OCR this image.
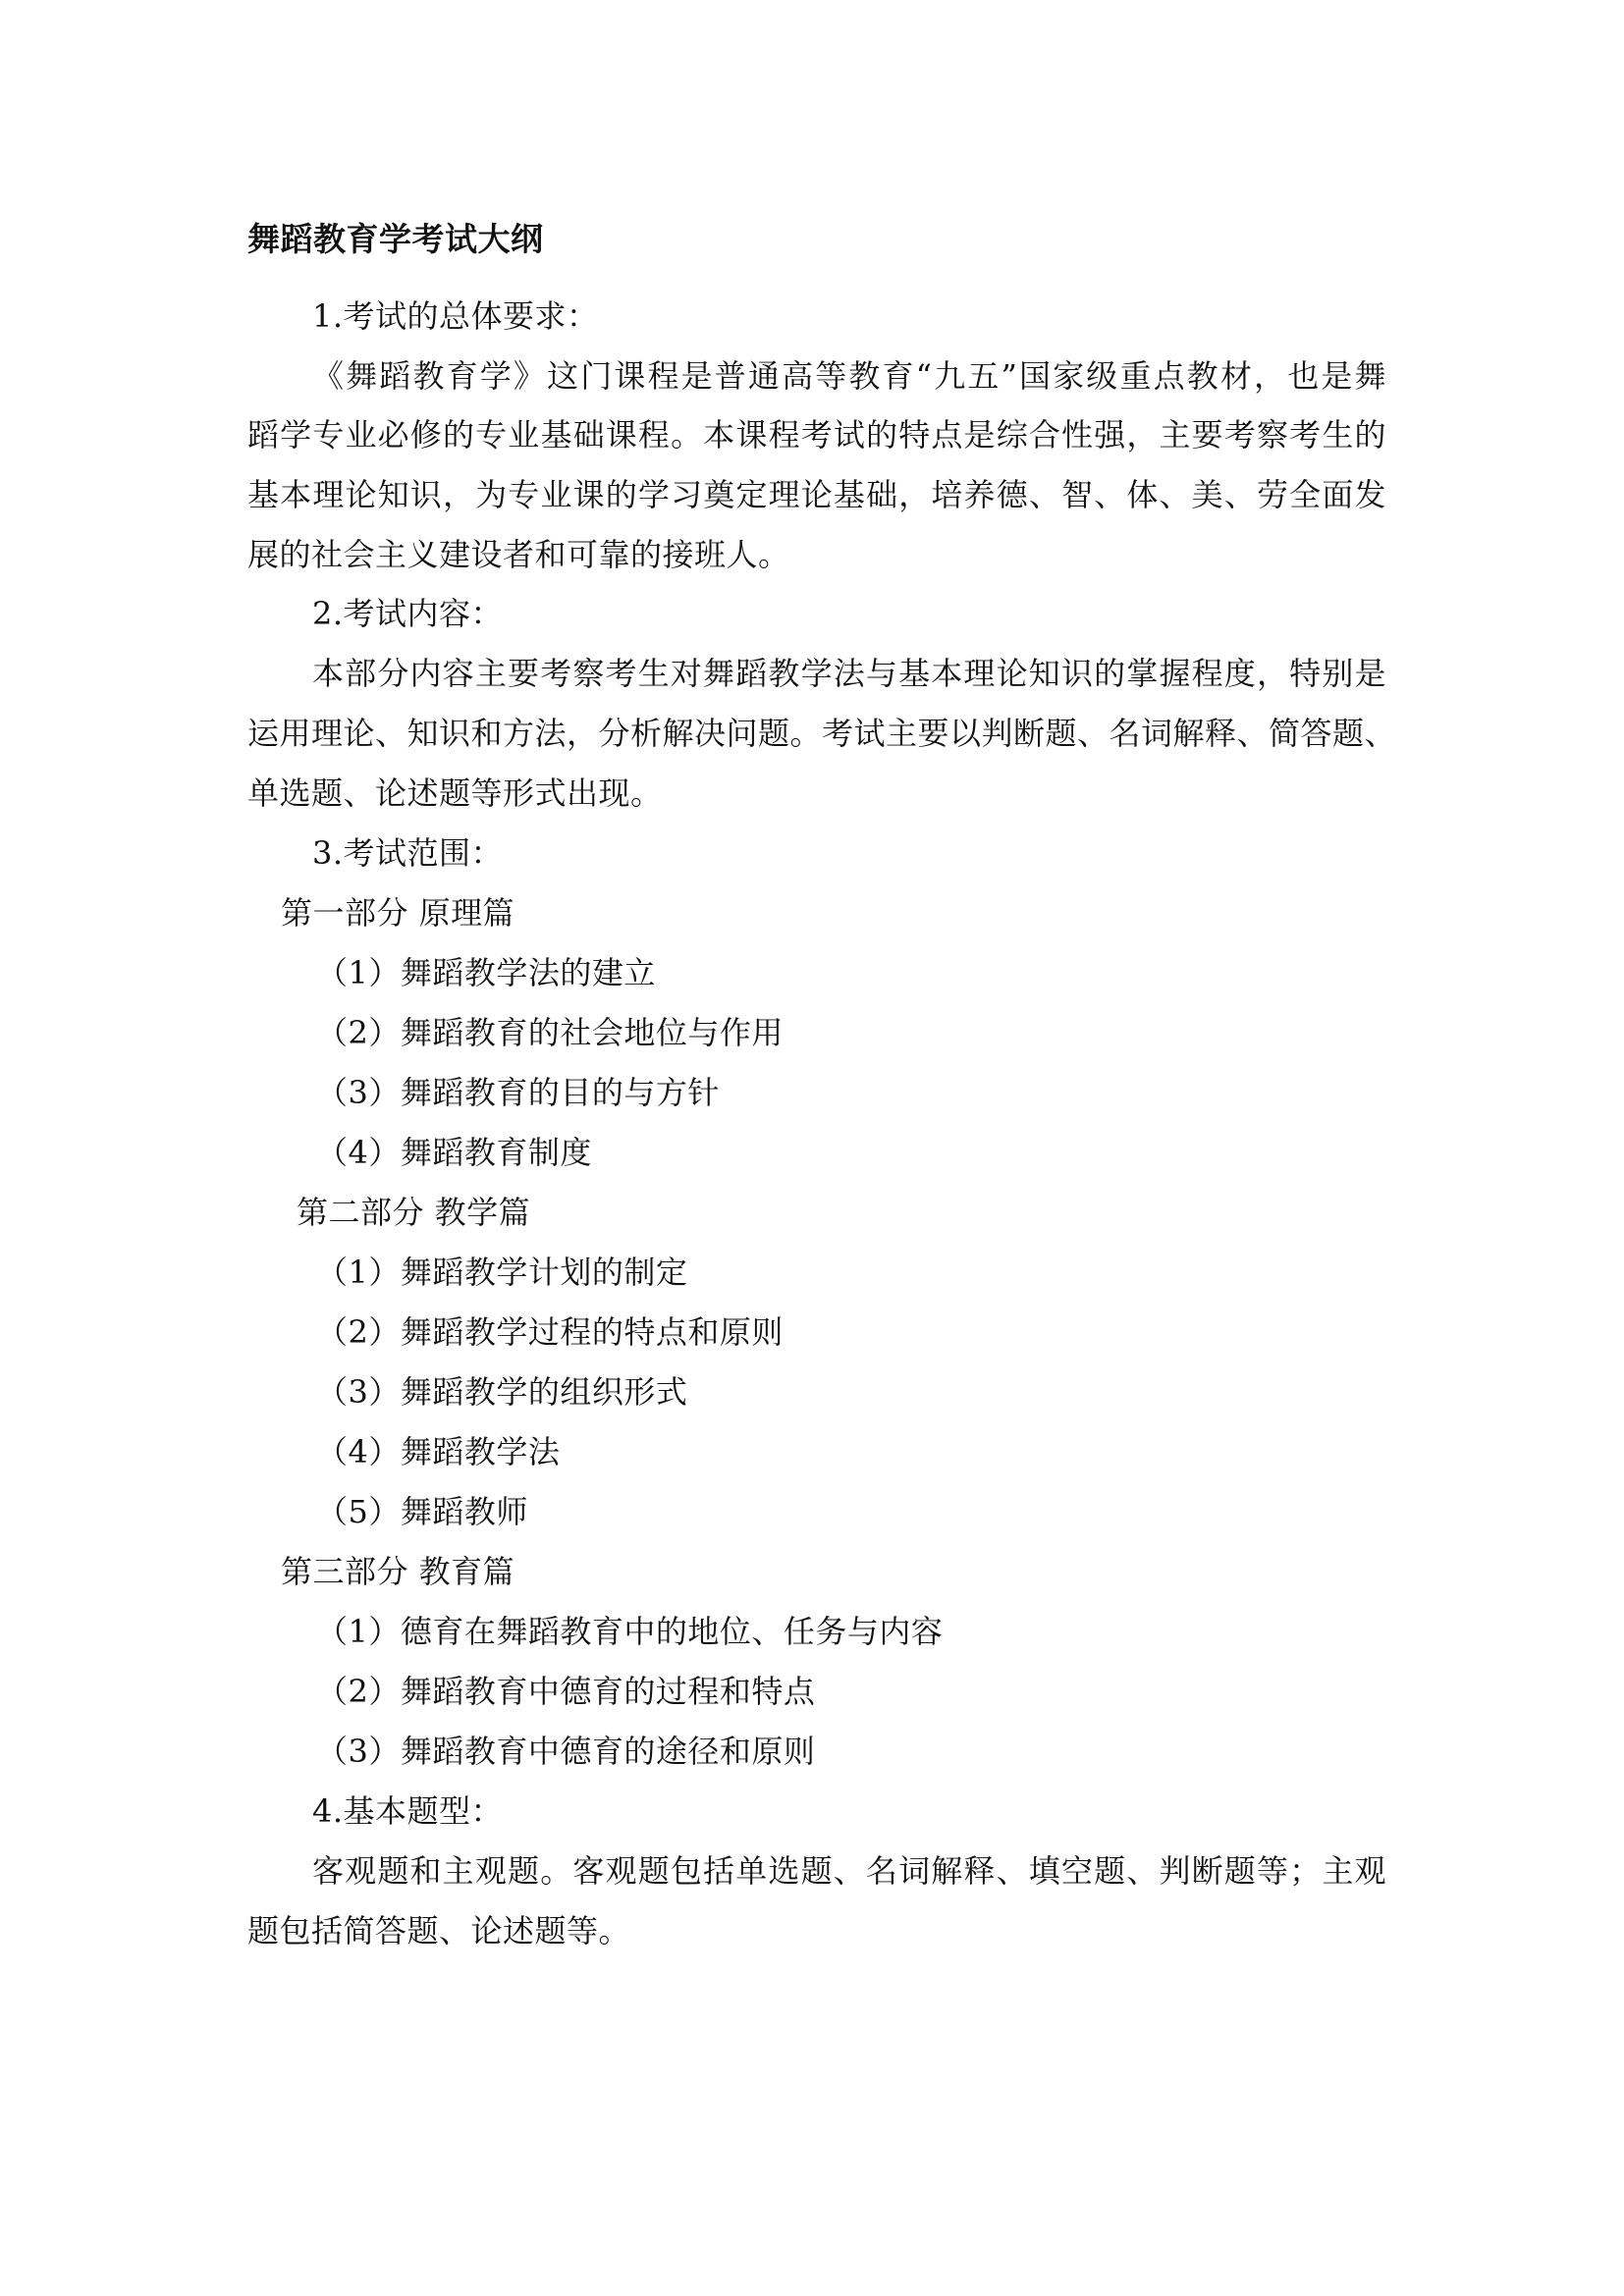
舞蹈教育学考试大纲
1.考试的总体要求：
《舞蹈教育学》这门课程是普通高等教育“九五”国家级重点教材，也是舞
蹈学专业必修的专业基础课程。本课程考试的特点是综合性强，主要考察考生的
基本理论知识，为专业课的学习奠定理论基础，培养德、智、体、美、劳全面发
展的社会主义建设者和可靠的接班人。
2.考试内容：
本部分内容主要考察考生对舞蹈教学法与基本理论知识的掌握程度，特别是
运用理论、知识和方法，分析解决问题。考试主要以判断题、名词解释、简答题、
单选题、论述题等形式出现。
3.考试范围：
第一部分 原理篇
（1）舞蹈教学法的建立
（2）舞蹈教育的社会地位与作用
（3）舞蹈教育的目的与方针
（4）舞蹈教育制度
第二部分 教学篇
（1）舞蹈教学计划的制定
（2）舞蹈教学过程的特点和原则
（3）舞蹈教学的组织形式
（4）舞蹈教学法
（5）舞蹈教师
第三部分 教育篇
（1）德育在舞蹈教育中的地位、任务与内容
（2）舞蹈教育中德育的过程和特点
（3）舞蹈教育中德育的途径和原则
4.基本题型：
客观题和主观题。客观题包括单选题、名词解释、填空题、判断题等；主观
题包括简答题、论述题等。
